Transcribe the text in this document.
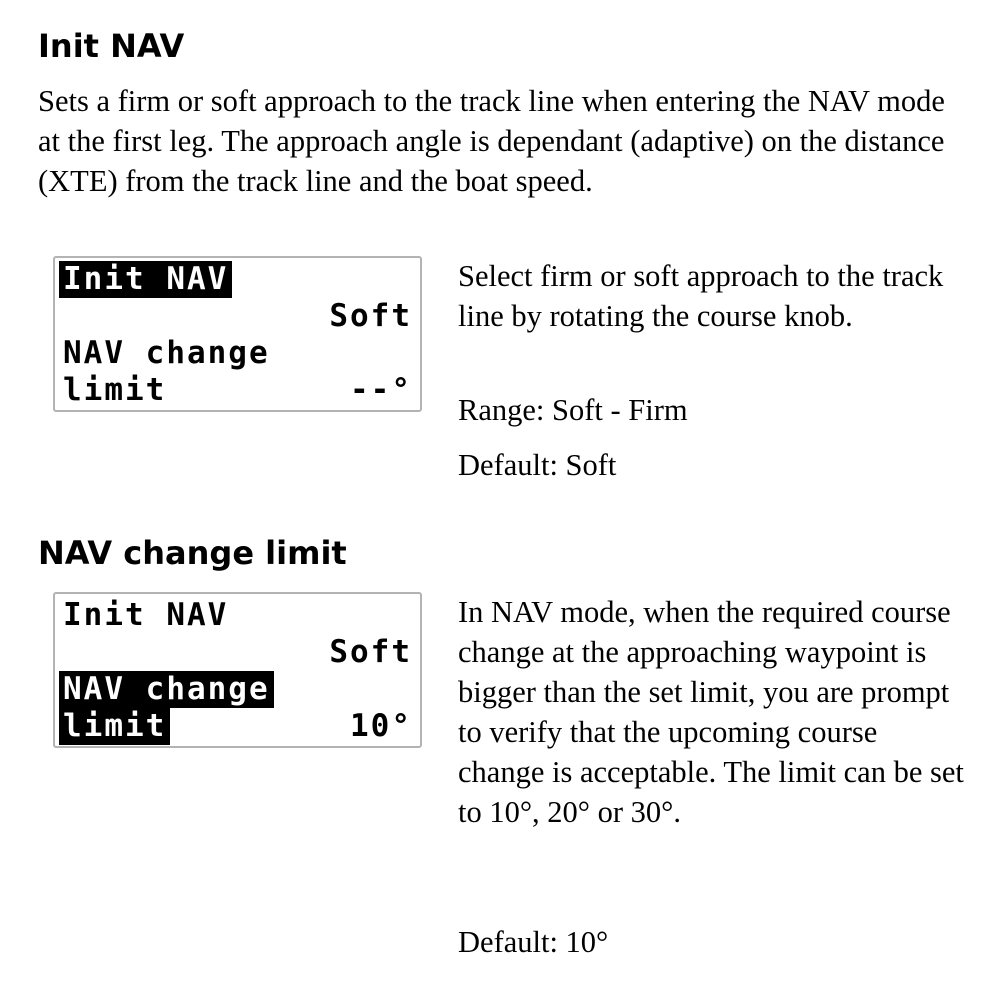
Init NAV

Sets a firm or soft approach to the track line when entering the NAV mode at the first leg. The approach angle is dependant (adaptive) on the distance (XTE) from the track line and the boat speed.

Init NAV
Soft
NAV change
limit	--°

Select firm or soft approach to the track line by rotating the course knob.

Range: Soft - Firm

Default: Soft

NAV change limit
Init NAV
Soft
NAV change
limit	10°

In NAV mode, when the required course change at the approaching waypoint is bigger than the set limit, you are prompt to verify that the upcoming course change is acceptable. The limit can be set to 10°, 20° or 30°.

Default: 10°
